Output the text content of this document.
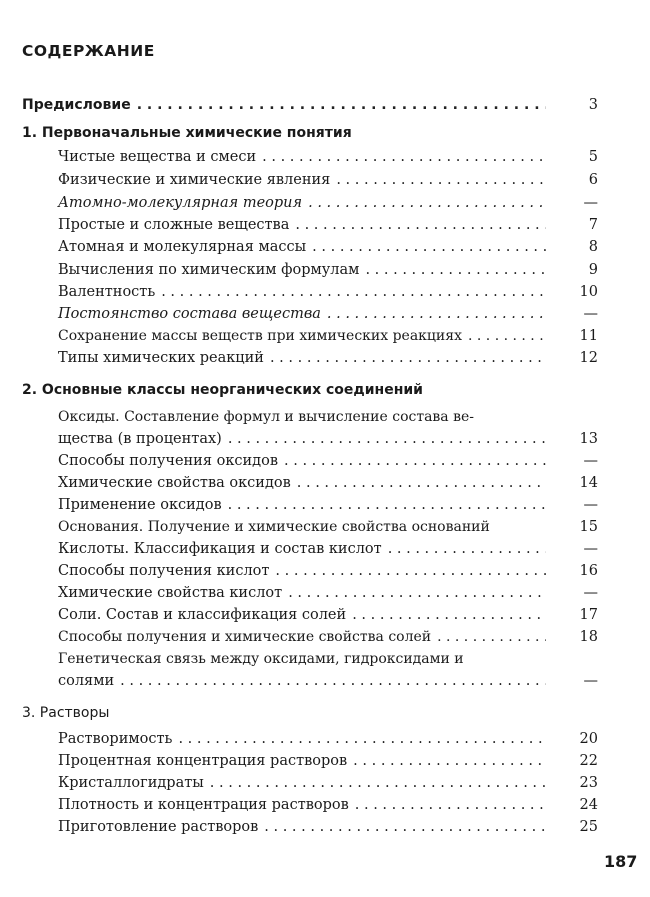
СОДЕРЖАНИЕ
Предисловие . . .	3
1. Первоначальные химические понятия
Чистые вещества и смеси . . .	5
Физические и химические явления . . .	6
Атомно-молекулярная теория . . .	—
Простые и сложные вещества . . .	7
Атомная и молекулярная массы . . .	8
Вычисления по химическим формулам . . .	9
Валентность . . .	10
Постоянство состава вещества . . .	—
Сохранение массы веществ при химических реакциях . . .	11
Типы химических реакций . . .	12
2. Основные классы неорганических соединений
Оксиды. Составление формул и вычисление состава ве-
щества (в процентах) . . .	13
Способы получения оксидов . . .	—
Химические свойства оксидов . . .	14
Применение оксидов . . .	—
Основания. Получение и химические свойства оснований	15
Кислоты. Классификация и состав кислот . . .	—
Способы получения кислот . . .	16
Химические свойства кислот . . .	—
Соли. Состав и классификация солей . . .	17
Способы получения и химические свойства солей . . .	18
Генетическая связь между оксидами, гидроксидами и
солями . . .	—
3. Растворы
Растворимость . . .	20
Процентная концентрация растворов . . .	22
Кристаллогидраты . . .	23
Плотность и концентрация растворов . . .	24
Приготовление растворов . . .	25
187
